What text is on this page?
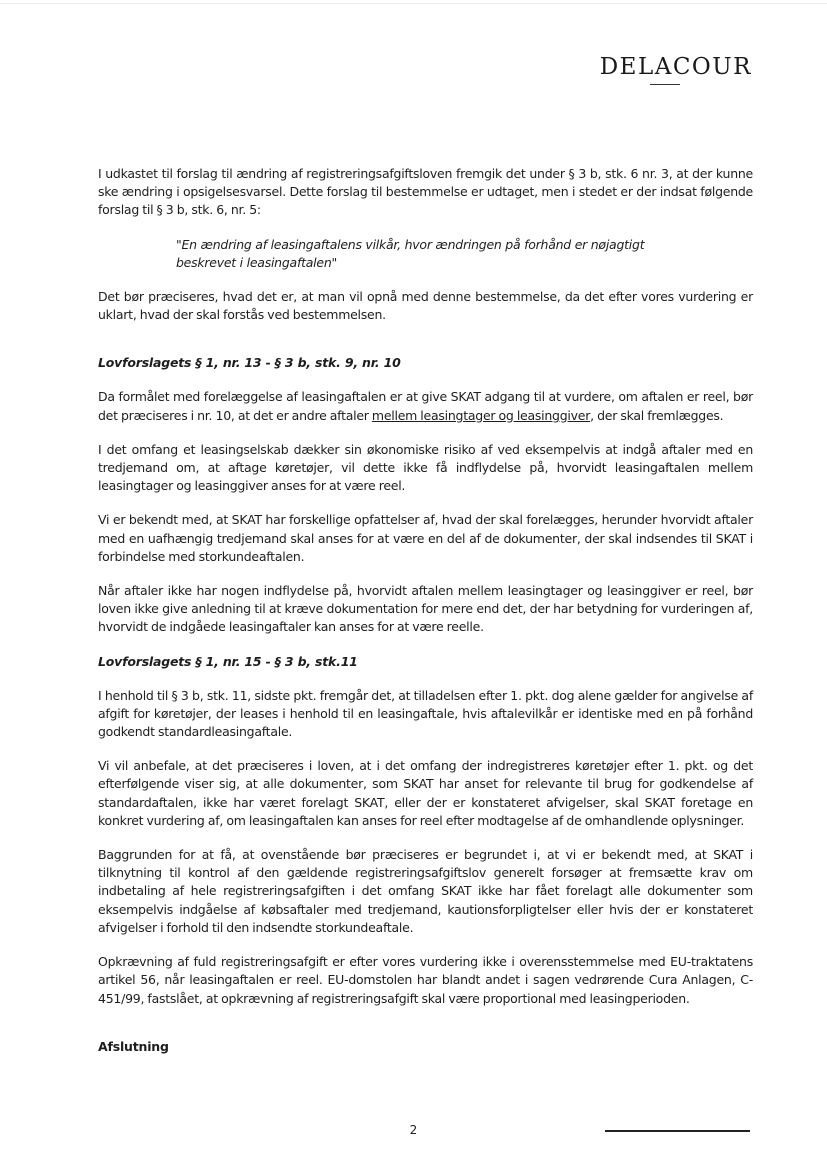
DELACOUR

I udkastet til forslag til ændring af registreringsafgiftsloven fremgik det under § 3 b, stk. 6 nr. 3, at der kunne ske ændring i opsigelsesvarsel. Dette forslag til bestemmelse er udtaget, men i stedet er der indsat følgende forslag til § 3 b, stk. 6, nr. 5:

"En ændring af leasingaftalens vilkår, hvor ændringen på forhånd er nøjagtigt beskrevet i leasingaftalen"

Det bør præciseres, hvad det er, at man vil opnå med denne bestemmelse, da det efter vores vurdering er uklart, hvad der skal forstås ved bestemmelsen.

Lovforslagets § 1, nr. 13 - § 3 b, stk. 9, nr. 10

Da formålet med forelæggelse af leasingaftalen er at give SKAT adgang til at vurdere, om aftalen er reel, bør det præciseres i nr. 10, at det er andre aftaler mellem leasingtager og leasinggiver, der skal fremlægges.

I det omfang et leasingselskab dækker sin økonomiske risiko af ved eksempelvis at indgå aftaler med en tredjemand om, at aftage køretøjer, vil dette ikke få indflydelse på, hvorvidt leasingaftalen mellem leasingtager og leasinggiver anses for at være reel.

Vi er bekendt med, at SKAT har forskellige opfattelser af, hvad der skal forelægges, herunder hvorvidt aftaler med en uafhængig tredjemand skal anses for at være en del af de dokumenter, der skal indsendes til SKAT i forbindelse med storkundeaftalen.

Når aftaler ikke har nogen indflydelse på, hvorvidt aftalen mellem leasingtager og leasinggiver er reel, bør loven ikke give anledning til at kræve dokumentation for mere end det, der har betydning for vurderingen af, hvorvidt de indgåede leasingaftaler kan anses for at være reelle.

Lovforslagets § 1, nr. 15 - § 3 b, stk.11

I henhold til § 3 b, stk. 11, sidste pkt. fremgår det, at tilladelsen efter 1. pkt. dog alene gælder for angivelse af afgift for køretøjer, der leases i henhold til en leasingaftale, hvis aftalevilkår er identiske med en på forhånd godkendt standardleasingaftale.

Vi vil anbefale, at det præciseres i loven, at i det omfang der indregistreres køretøjer efter 1. pkt. og det efterfølgende viser sig, at alle dokumenter, som SKAT har anset for relevante til brug for godkendelse af standardaftalen, ikke har været forelagt SKAT, eller der er konstateret afvigelser, skal SKAT foretage en konkret vurdering af, om leasingaftalen kan anses for reel efter modtagelse af de omhandlende oplysninger.

Baggrunden for at få, at ovenstående bør præciseres er begrundet i, at vi er bekendt med, at SKAT i tilknytning til kontrol af den gældende registreringsafgiftslov generelt forsøger at fremsætte krav om indbetaling af hele registreringsafgiften i det omfang SKAT ikke har fået forelagt alle dokumenter som eksempelvis indgåelse af købsaftaler med tredjemand, kautionsforpligtelser eller hvis der er konstateret afvigelser i forhold til den indsendte storkundeaftale.

Opkrævning af fuld registreringsafgift er efter vores vurdering ikke i overensstemmelse med EU-traktatens artikel 56, når leasingaftalen er reel. EU-domstolen har blandt andet i sagen vedrørende Cura Anlagen, C-451/99, fastslået, at opkrævning af registreringsafgift skal være proportional med leasingperioden.

Afslutning

2
